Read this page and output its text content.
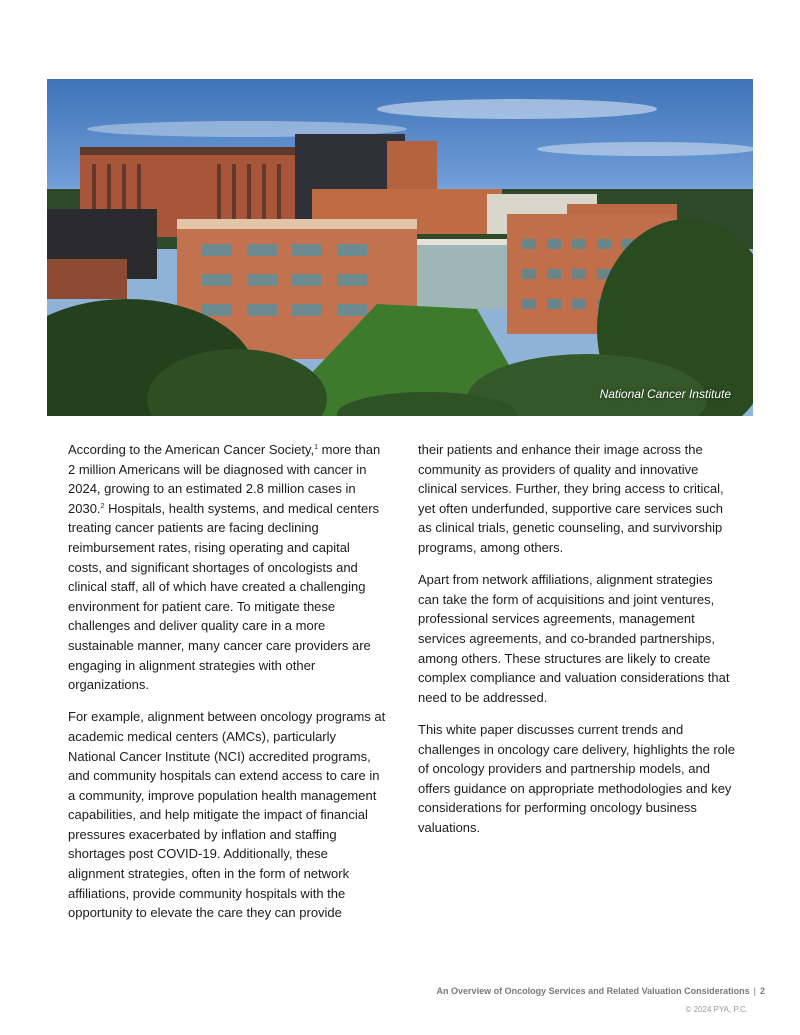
National Cancer Institute

According to the American Cancer Society,$^1$ more than 2 million Americans will be diagnosed with cancer in 2024, growing to an estimated 2.8 million cases in 2030.$^2$ Hospitals, health systems, and medical centers treating cancer patients are facing declining reimbursement rates, rising operating and capital costs, and significant shortages of oncologists and clinical staff, all of which have created a challenging environment for patient care. To mitigate these challenges and deliver quality care in a more sustainable manner, many cancer care providers are engaging in alignment strategies with other organizations.

For example, alignment between oncology programs at academic medical centers (AMCs), particularly National Cancer Institute (NCI) accredited programs, and community hospitals can extend access to care in a community, improve population health management capabilities, and help mitigate the impact of financial pressures exacerbated by inflation and staffing shortages post COVID-19. Additionally, these alignment strategies, often in the form of network affiliations, provide community hospitals with the opportunity to elevate the care they can provide

their patients and enhance their image across the community as providers of quality and innovative clinical services. Further, they bring access to critical, yet often underfunded, supportive care services such as clinical trials, genetic counseling, and survivorship programs, among others.

Apart from network affiliations, alignment strategies can take the form of acquisitions and joint ventures, professional services agreements, management services agreements, and co-branded partnerships, among others. These structures are likely to create complex compliance and valuation considerations that need to be addressed.

This white paper discusses current trends and challenges in oncology care delivery, highlights the role of oncology providers and partnership models, and offers guidance on appropriate methodologies and key considerations for performing oncology business valuations.

An Overview of Oncology Services and Related Valuation Considerations | 2
© 2024 PYA, P.C.
